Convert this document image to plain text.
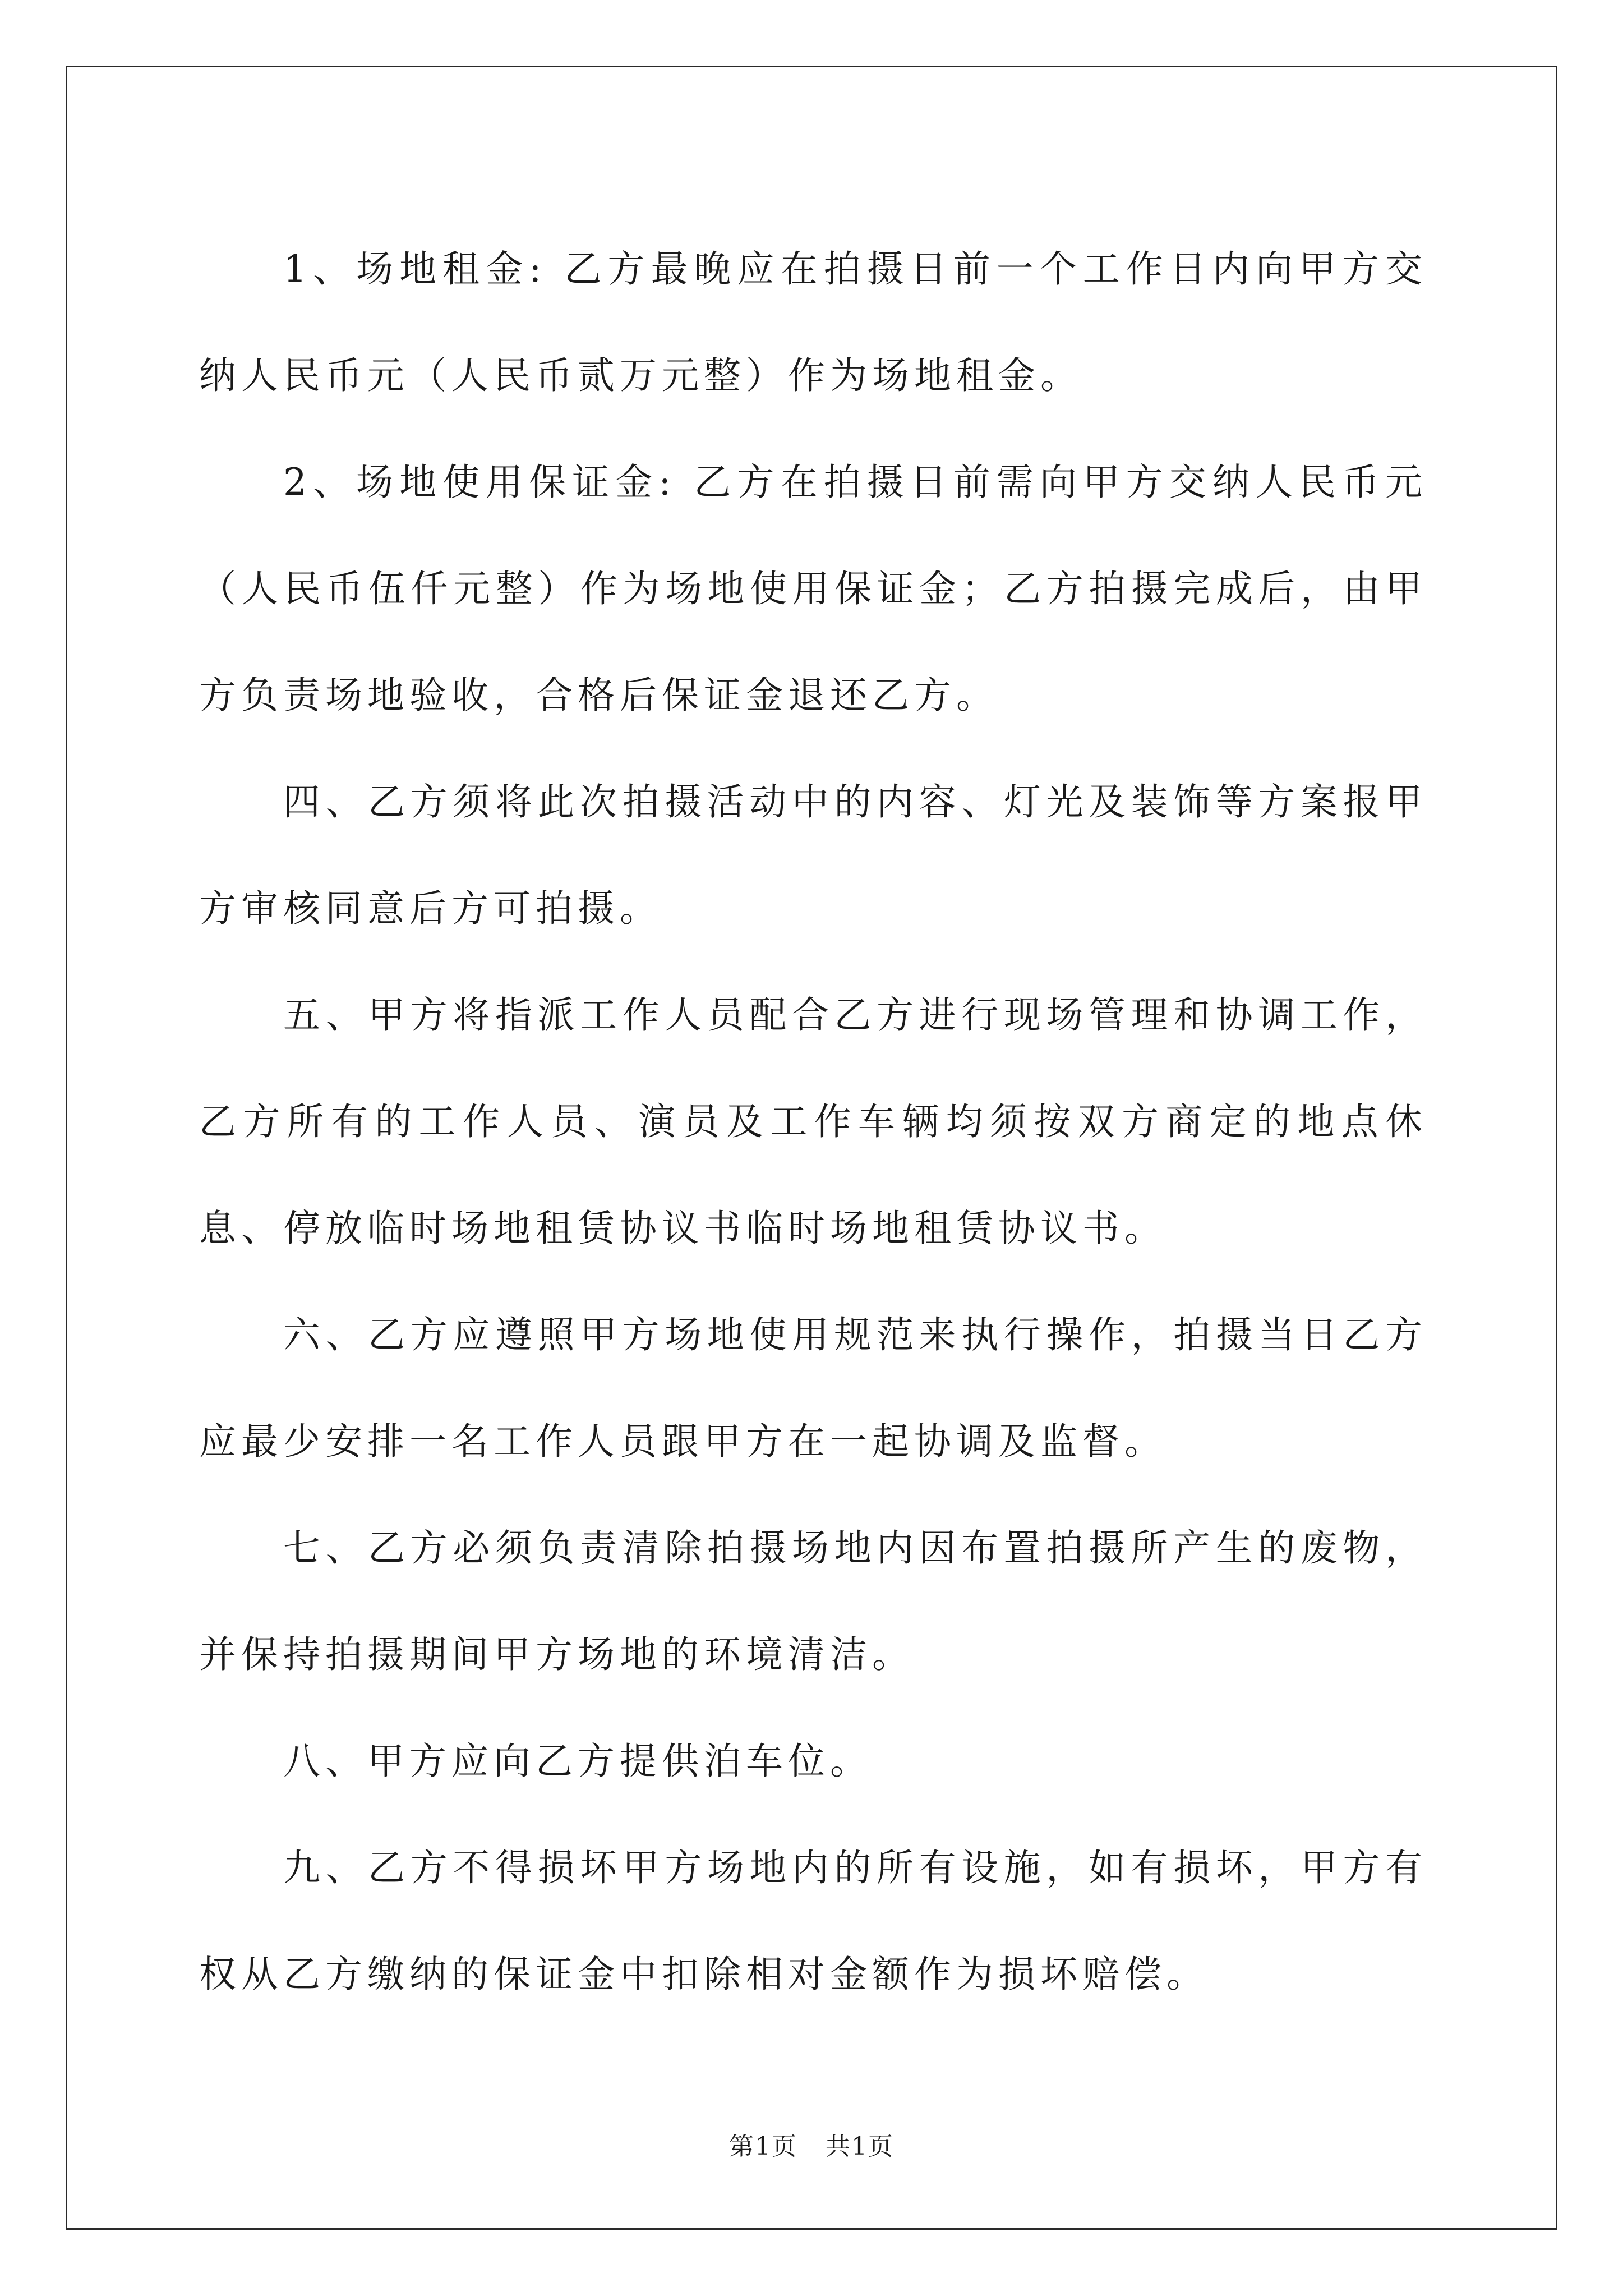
1、场地租金: 乙方最晚应在拍摄日前一个工作日内向甲方交纳人民币元（人民币贰万元整）作为场地租金。

2、场地使用保证金: 乙方在拍摄日前需向甲方交纳人民币元（人民币伍仟元整）作为场地使用保证金；乙方拍摄完成后，由甲方负责场地验收，合格后保证金退还乙方。

四、乙方须将此次拍摄活动中的内容、灯光及装饰等方案报甲方审核同意后方可拍摄。

五、甲方将指派工作人员配合乙方进行现场管理和协调工作，乙方所有的工作人员、演员及工作车辆均须按双方商定的地点休息、停放临时场地租赁协议书临时场地租赁协议书。

六、乙方应遵照甲方场地使用规范来执行操作，拍摄当日乙方应最少安排一名工作人员跟甲方在一起协调及监督。

七、乙方必须负责清除拍摄场地内因布置拍摄所产生的废物，并保持拍摄期间甲方场地的环境清洁。

八、甲方应向乙方提供泊车位。

九、乙方不得损坏甲方场地内的所有设施，如有损坏，甲方有权从乙方缴纳的保证金中扣除相对金额作为损坏赔偿。

第1页 共1页
